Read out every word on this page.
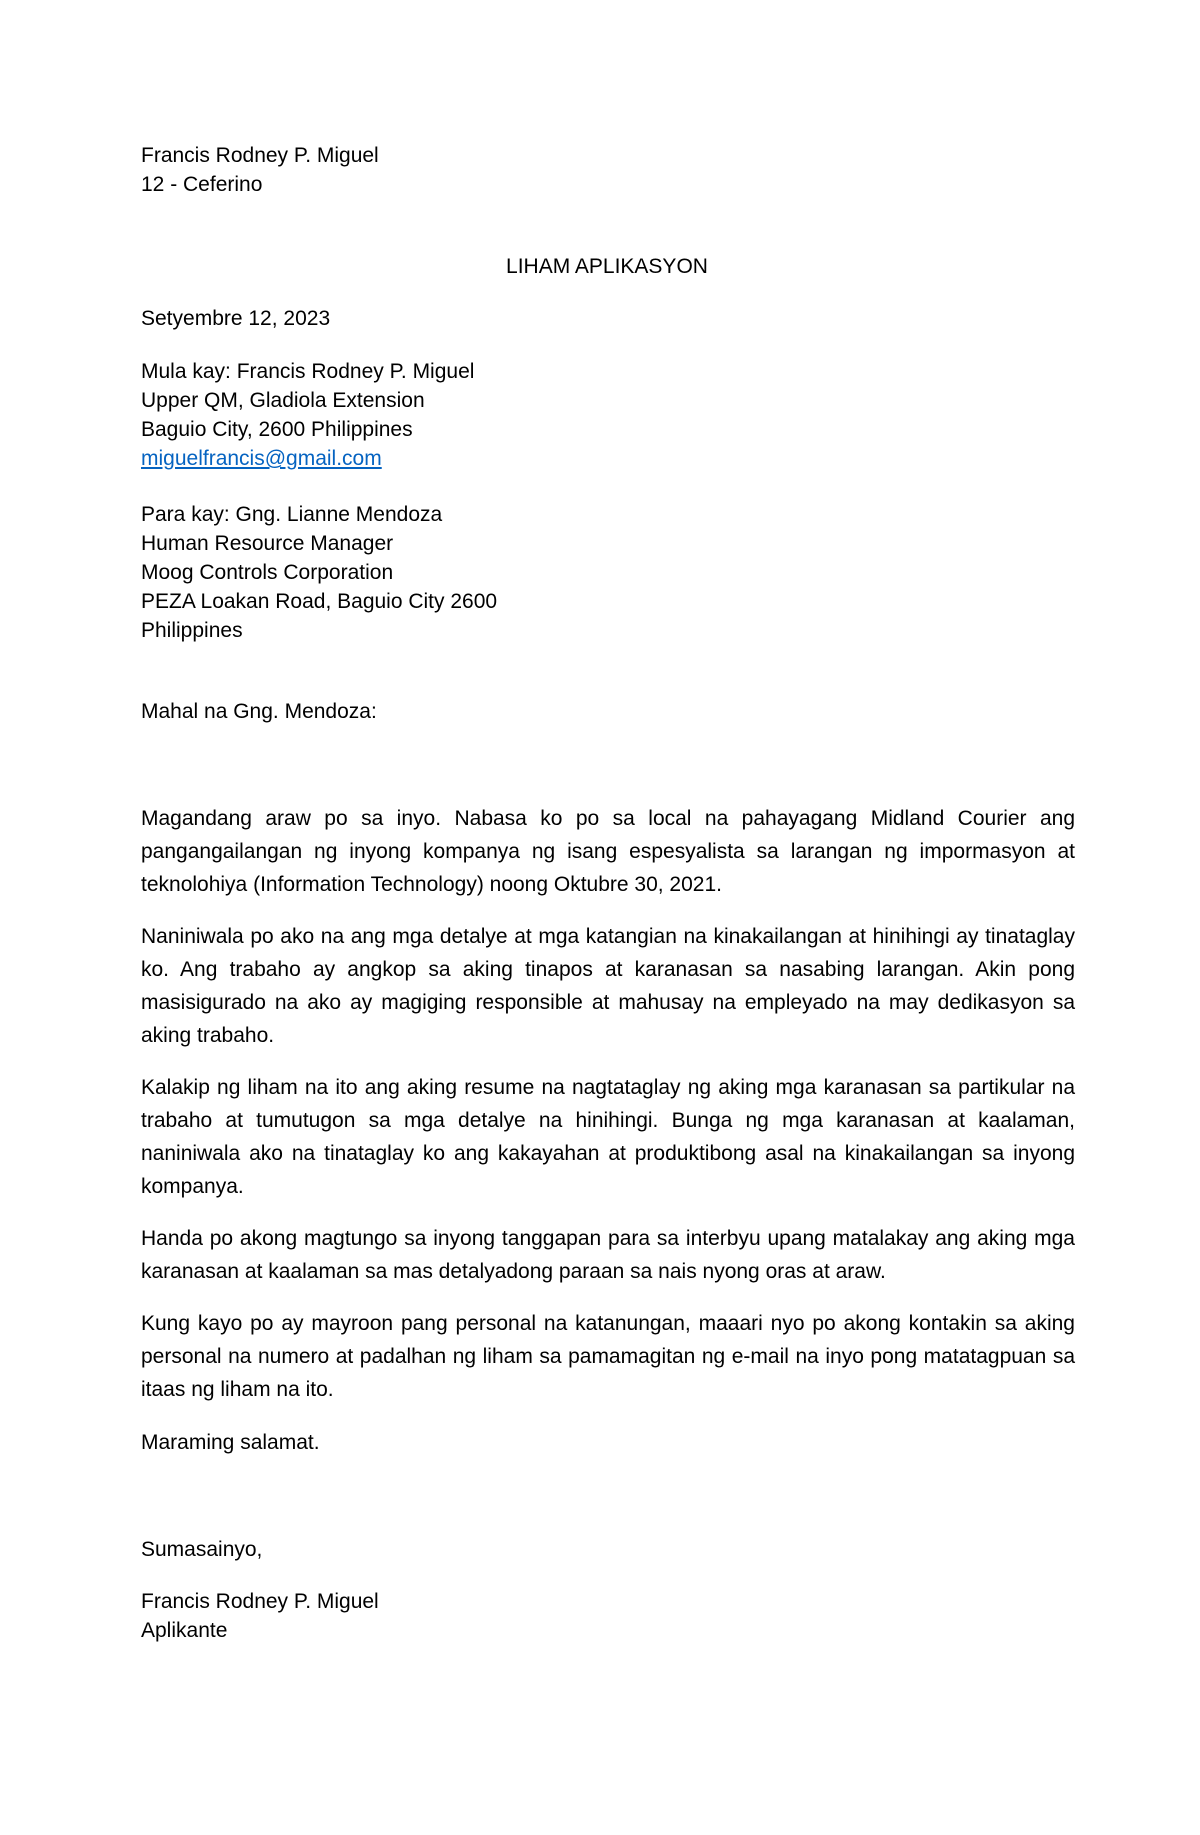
Francis Rodney P. Miguel
12 - Ceferino
LIHAM APLIKASYON
Setyembre 12, 2023
Mula kay: Francis Rodney P. Miguel
Upper QM, Gladiola Extension
Baguio City, 2600 Philippines
miguelfrancis@gmail.com
Para kay: Gng. Lianne Mendoza
Human Resource Manager
Moog Controls Corporation
PEZA Loakan Road, Baguio City 2600
Philippines
Mahal na Gng. Mendoza:
Magandang araw po sa inyo. Nabasa ko po sa local na pahayagang Midland Courier ang pangangailangan ng inyong kompanya ng isang espesyalista sa larangan ng impormasyon at teknolohiya (Information Technology) noong Oktubre 30, 2021.
Naniniwala po ako na ang mga detalye at mga katangian na kinakailangan at hinihingi ay tinataglay ko. Ang trabaho ay angkop sa aking tinapos at karanasan sa nasabing larangan. Akin pong masisigurado na ako ay magiging responsible at mahusay na empleyado na may dedikasyon sa aking trabaho.
Kalakip ng liham na ito ang aking resume na nagtataglay ng aking mga karanasan sa partikular na trabaho at tumutugon sa mga detalye na hinihingi. Bunga ng mga karanasan at kaalaman, naniniwala ako na tinataglay ko ang kakayahan at produktibong asal na kinakailangan sa inyong kompanya.
Handa po akong magtungo sa inyong tanggapan para sa interbyu upang matalakay ang aking mga karanasan at kaalaman sa mas detalyadong paraan sa nais nyong oras at araw.
Kung kayo po ay mayroon pang personal na katanungan, maaari nyo po akong kontakin sa aking personal na numero at padalhan ng liham sa pamamagitan ng e-mail na inyo pong matatagpuan sa itaas ng liham na ito.
Maraming salamat.
Sumasainyo,
Francis Rodney P. Miguel
Aplikante
